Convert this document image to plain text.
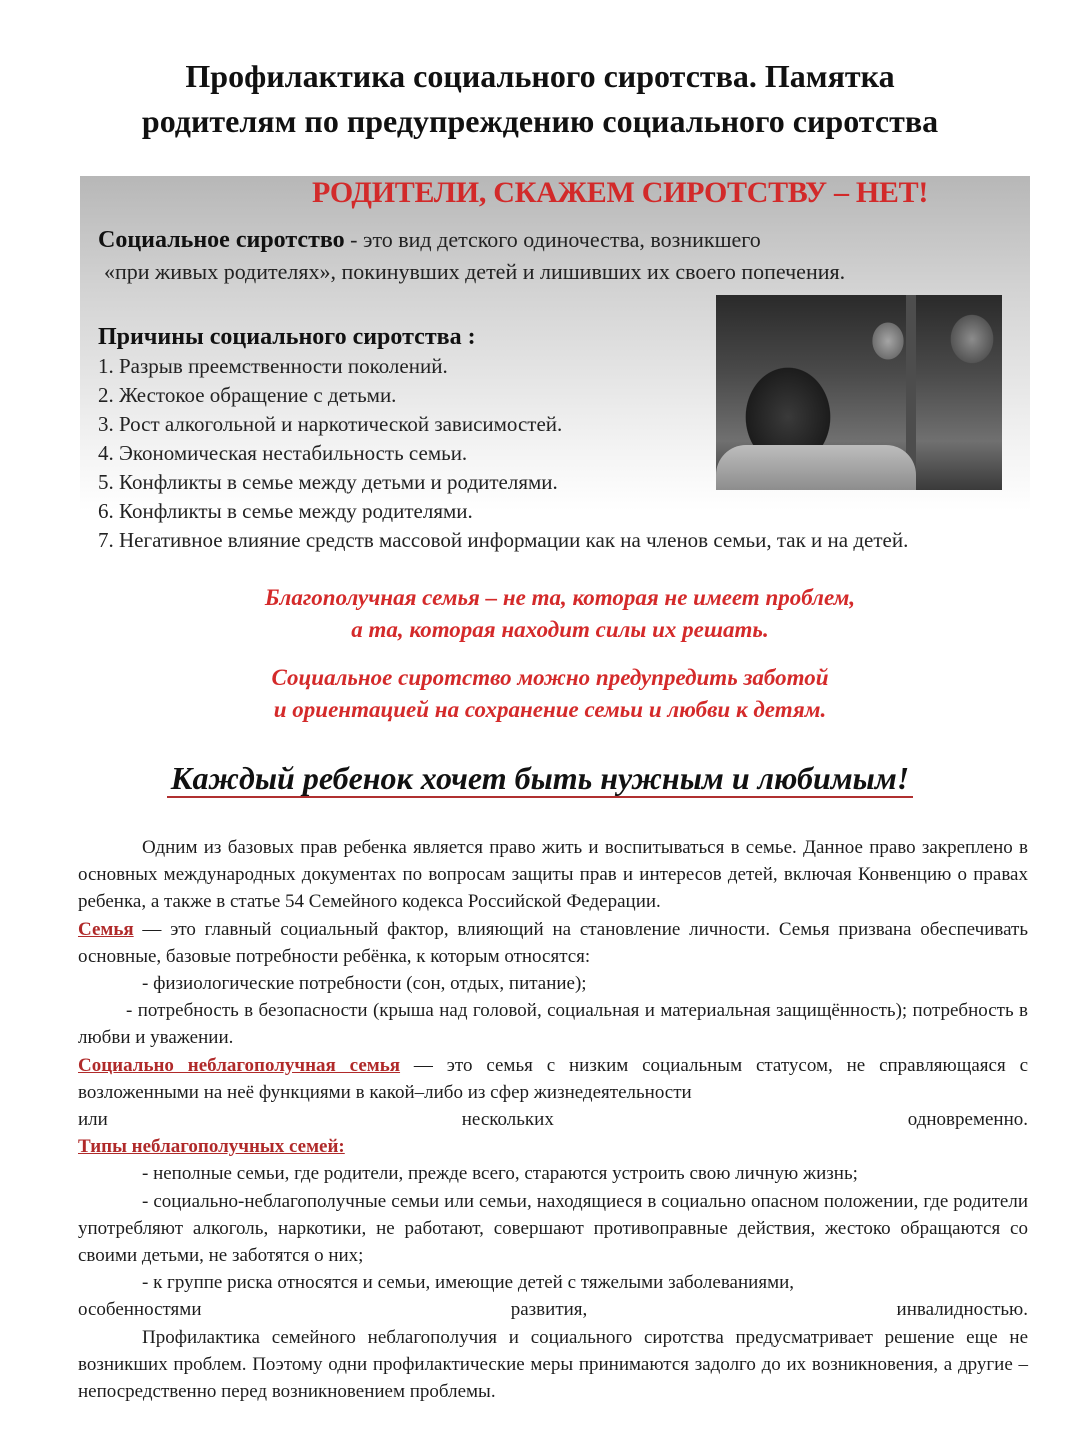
Профилактика социального сиротства. Памятка
родителям по предупреждению социального сиротства
РОДИТЕЛИ, СКАЖЕМ СИРОТСТВУ – НЕТ!
Социальное сиротство - это вид детского одиночества, возникшего
«при живых родителях», покинувших детей и лишивших их своего попечения.
Причины социального сиротства :
1. Разрыв преемственности поколений.
2. Жестокое обращение с детьми.
3. Рост алкогольной и наркотической зависимостей.
4. Экономическая нестабильность семьи.
5. Конфликты в семье между детьми и родителями.
6. Конфликты в семье между родителями.
7. Негативное влияние средств массовой информации как на членов семьи, так и на детей.
Благополучная семья – не та, которая не имеет проблем,
а та, которая находит силы их решать.
Социальное сиротство можно предупредить заботой
и ориентацией на сохранение семьи и любви к детям.
Каждый ребенок хочет быть нужным и любимым!

Одним из базовых прав ребенка является право жить и воспитываться в семье. Данное право закреплено в основных международных документах по вопросам защиты прав и интересов детей, включая Конвенцию о правах ребенка, а также в статье 54 Семейного кодекса Российской Федерации.

Семья — это главный социальный фактор, влияющий на становление личности. Семья призвана обеспечивать основные, базовые потребности ребёнка, к которым относятся:

- физиологические потребности (сон, отдых, питание);

- потребность в безопасности (крыша над головой, социальная и материальная защищённость); потребность в любви и уважении.

Социально неблагополучная семья — это семья с низким социальным статусом, не справляющаяся с возложенными на неё функциями в какой–либо из сфер жизнедеятельности

или нескольких одновременно.

Типы неблагополучных семей:

- неполные семьи, где родители, прежде всего, стараются устроить свою личную жизнь;

- социально-неблагополучные семьи или семьи, находящиеся в социально опасном положении, где родители употребляют алкоголь, наркотики, не работают, совершают противоправные действия, жестоко обращаются со своими детьми, не заботятся о них;

- к группе риска относятся и семьи, имеющие детей с тяжелыми заболеваниями,

особенностями развития, инвалидностью.

Профилактика семейного неблагополучия и социального сиротства предусматривает решение еще не возникших проблем. Поэтому одни профилактические меры принимаются задолго до их возникновения, а другие – непосредственно перед возникновением проблемы.
